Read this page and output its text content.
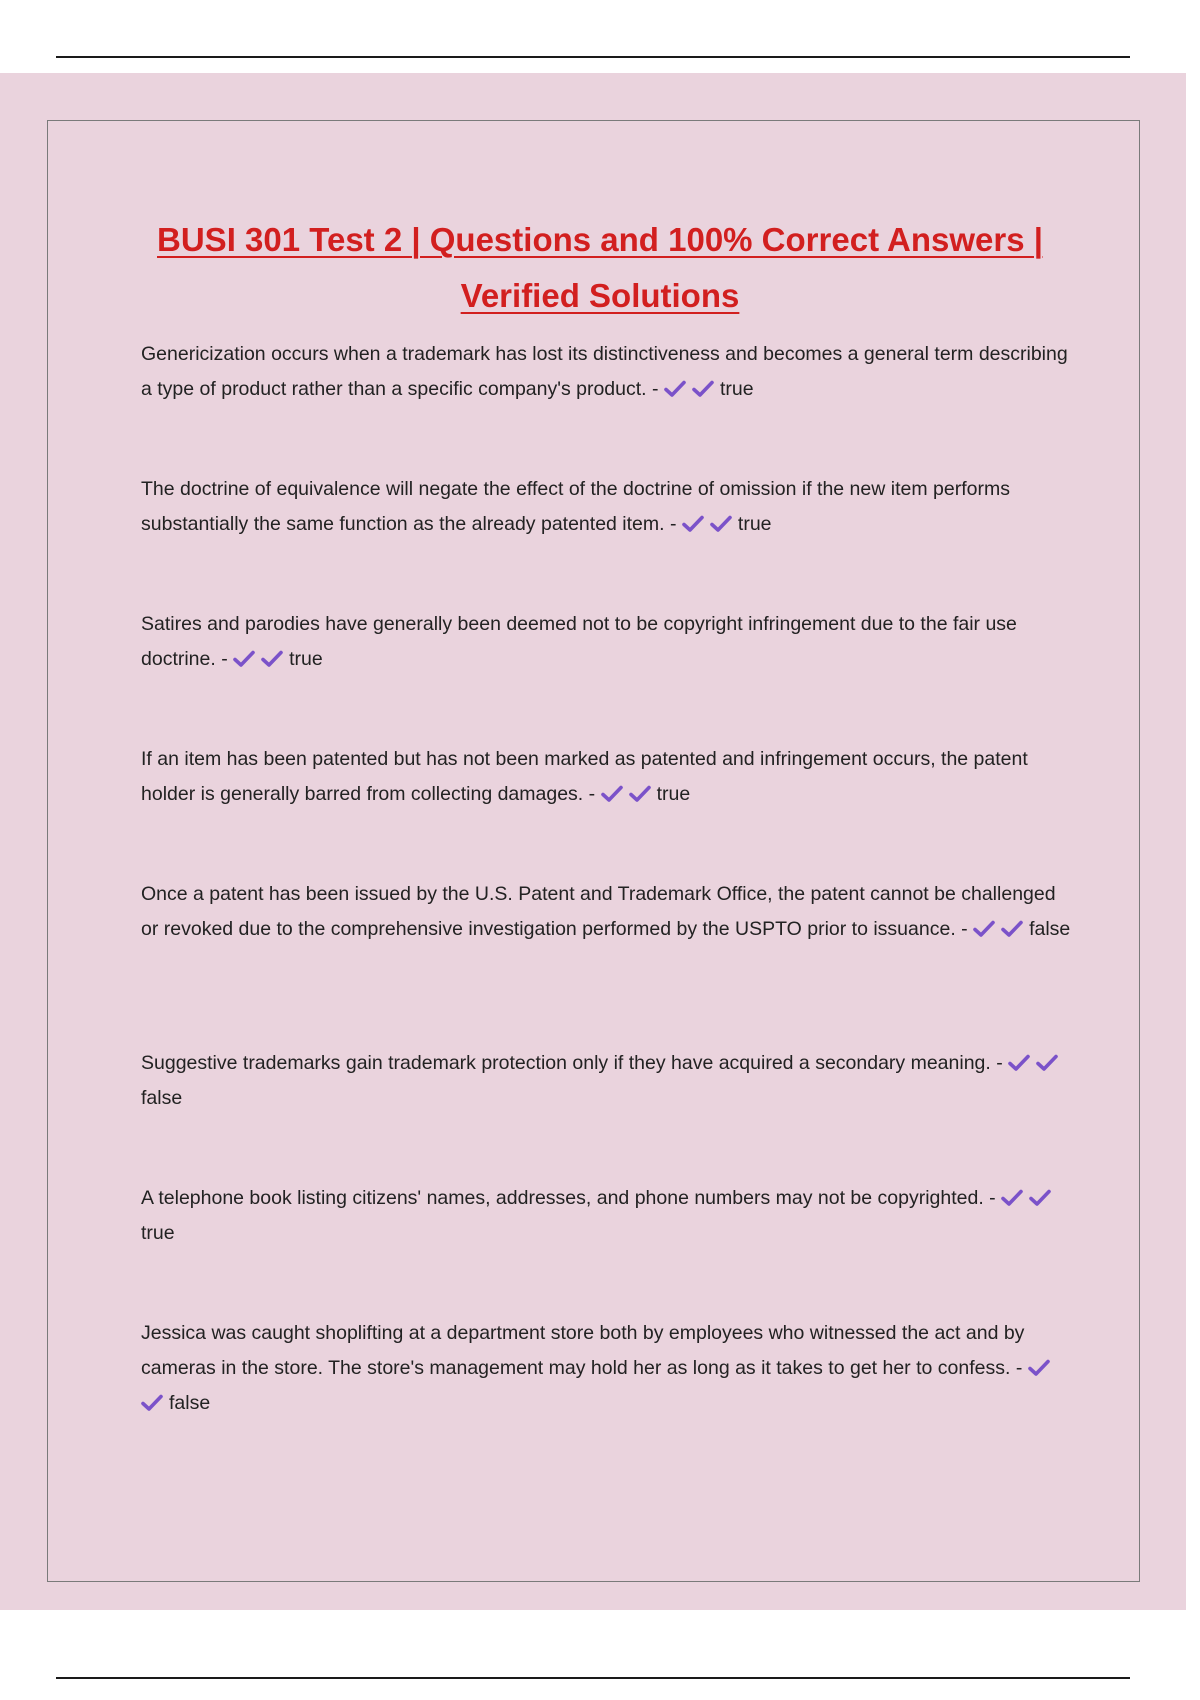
BUSI 301 Test 2 | Questions and 100% Correct Answers |
Verified Solutions

Genericization occurs when a trademark has lost its distinctiveness and becomes a general term describing a type of product rather than a specific company's product. -	true

The doctrine of equivalence will negate the effect of the doctrine of omission if the new item performs substantially the same function as the already patented item. -	true

Satires and parodies have generally been deemed not to be copyright infringement due to the fair use doctrine. -	true

If an item has been patented but has not been marked as patented and infringement occurs, the patent holder is generally barred from collecting damages. -	true

Once a patent has been issued by the U.S. Patent and Trademark Office, the patent cannot be challenged or revoked due to the comprehensive investigation performed by the USPTO prior to issuance. -	false

Suggestive trademarks gain trademark protection only if they have acquired a secondary meaning. -
false

A telephone book listing citizens' names, addresses, and phone numbers may not be copyrighted. -
true

Jessica was caught shoplifting at a department store both by employees who witnessed the act and by cameras in the store. The store's management may hold her as long as it takes to get her to confess. -
false
